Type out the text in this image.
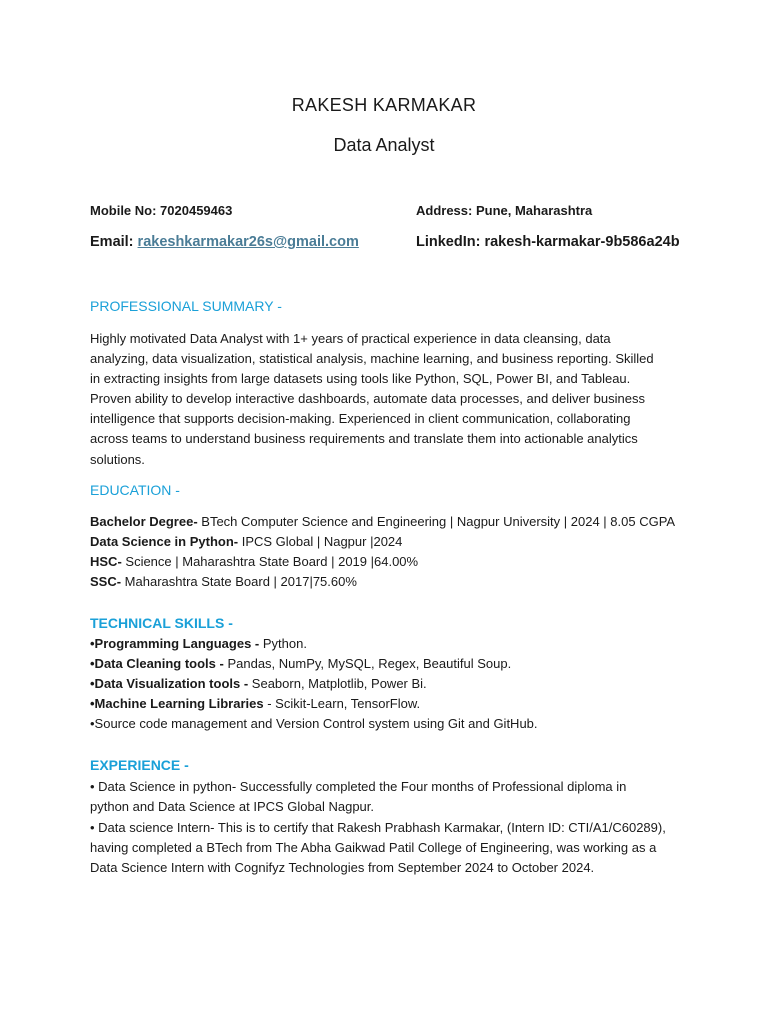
RAKESH KARMAKAR
Data Analyst
Mobile No: 7020459463	Address: Pune, Maharashtra
Email: rakeshkarmakar26s@gmail.com	LinkedIn: rakesh-karmakar-9b586a24b
PROFESSIONAL SUMMARY -
Highly motivated Data Analyst with 1+ years of practical experience in data cleansing, data
analyzing, data visualization, statistical analysis, machine learning, and business reporting. Skilled
in extracting insights from large datasets using tools like Python, SQL, Power BI, and Tableau.
Proven ability to develop interactive dashboards, automate data processes, and deliver business
intelligence that supports decision-making. Experienced in client communication, collaborating
across teams to understand business requirements and translate them into actionable analytics
solutions.
EDUCATION -
Bachelor Degree- BTech Computer Science and Engineering | Nagpur University | 2024 | 8.05 CGPA
Data Science in Python- IPCS Global | Nagpur |2024
HSC- Science | Maharashtra State Board | 2019 |64.00%
SSC- Maharashtra State Board | 2017|75.60%
TECHNICAL SKILLS -
•Programming Languages - Python.
•Data Cleaning tools - Pandas, NumPy, MySQL, Regex, Beautiful Soup.
•Data Visualization tools - Seaborn, Matplotlib, Power Bi.
•Machine Learning Libraries - Scikit-Learn, TensorFlow.
•Source code management and Version Control system using Git and GitHub.
EXPERIENCE -
• Data Science in python- Successfully completed the Four months of Professional diploma in
python and Data Science at IPCS Global Nagpur.
• Data science Intern- This is to certify that Rakesh Prabhash Karmakar, (Intern ID: CTI/A1/C60289),
having completed a BTech from The Abha Gaikwad Patil College of Engineering, was working as a
Data Science Intern with Cognifyz Technologies from September 2024 to October 2024.
